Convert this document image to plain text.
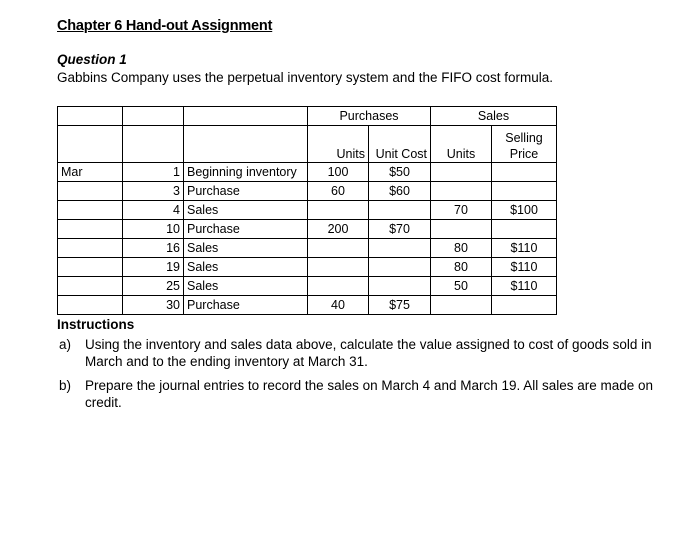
Chapter 6 Hand-out Assignment
Question 1
Gabbins Company uses the perpetual inventory system and the FIFO cost formula.
			Purchases		Sales	
			Units	Unit Cost	Units	Selling
Price
Mar	1	Beginning inventory	100	$50		
	3	Purchase	60	$60		
	4	Sales			70	$100
	10	Purchase	200	$70		
	16	Sales			80	$110
	19	Sales			80	$110
	25	Sales			50	$110
	30	Purchase	40	$75		
Instructions
a) Using the inventory and sales data above, calculate the value assigned to cost of goods sold in March and to the ending inventory at March 31.
b) Prepare the journal entries to record the sales on March 4 and March 19. All sales are made on credit.
